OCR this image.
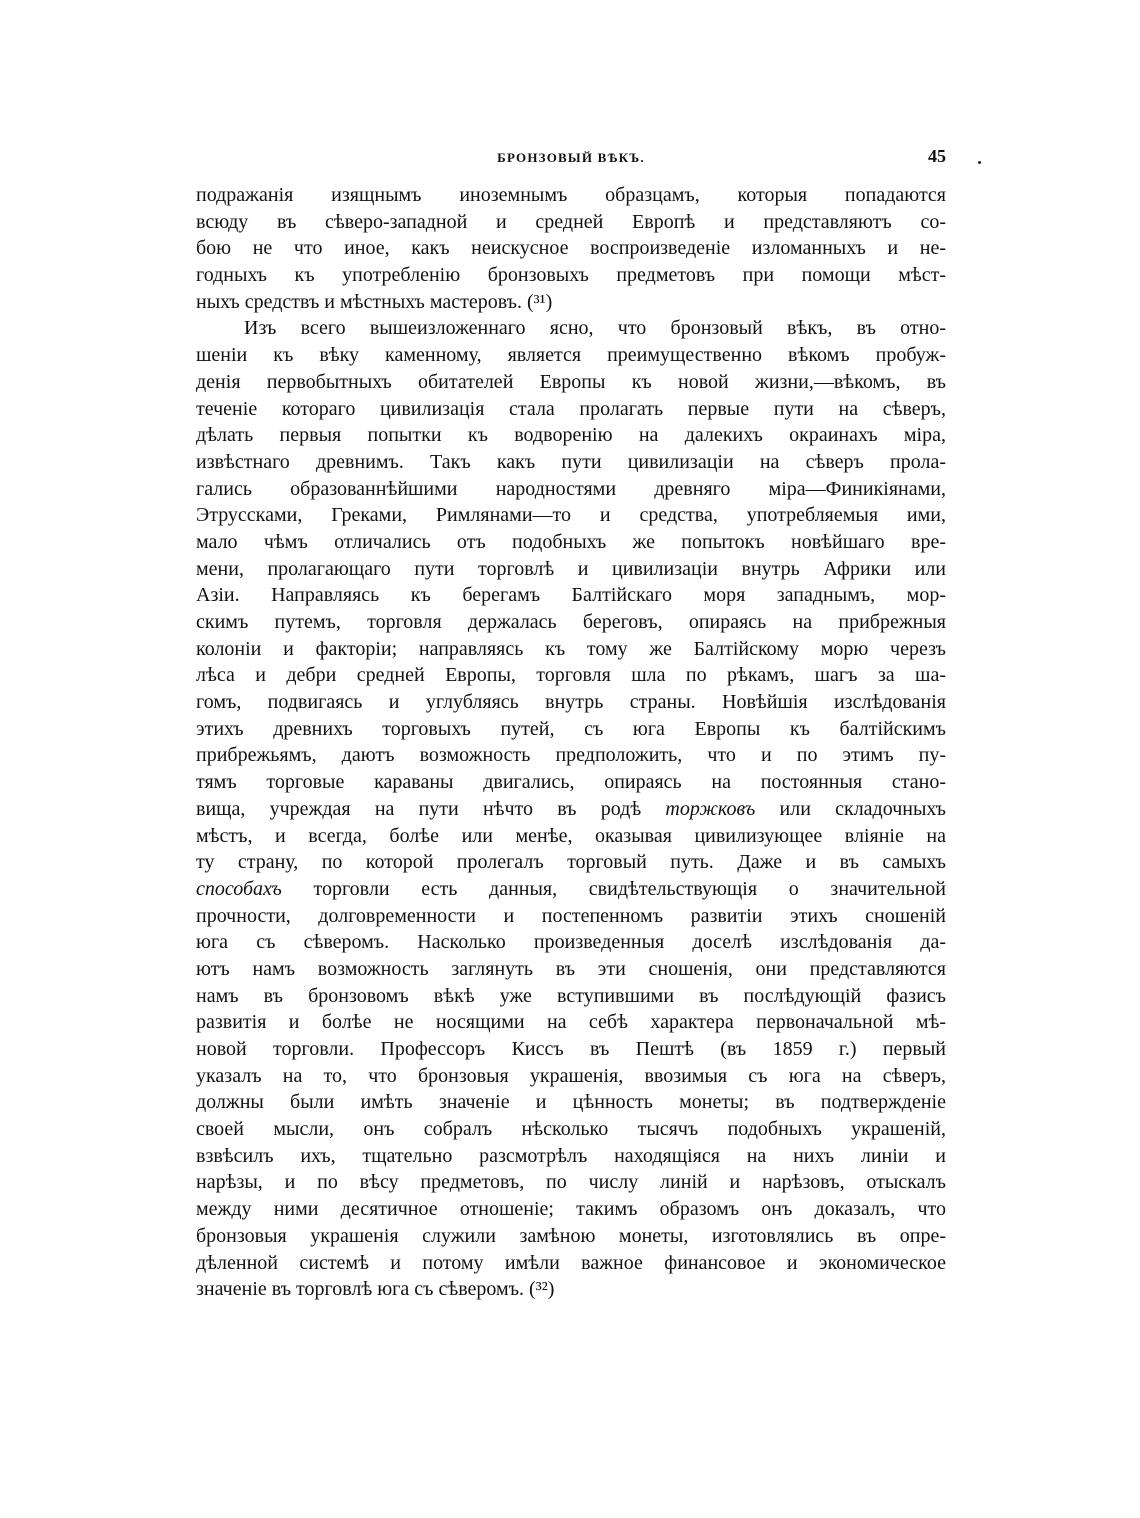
БРОНЗОВЫЙ ВѢКЪ.	45
подражанія изящнымъ иноземнымъ образцамъ, которыя попадаются
всюду въ сѣверо-западной и средней Европѣ и представляютъ со-
бою не что иное, какъ неискусное воспроизведеніе изломанныхъ и не-
годныхъ къ употребленію бронзовыхъ предметовъ при помощи мѣст-
ныхъ средствъ и мѣстныхъ мастеровъ. (³¹)
Изъ всего вышеизложеннаго ясно, что бронзовый вѣкъ, въ отно-
шеніи къ вѣку каменному, является преимущественно вѣкомъ пробуж-
денія первобытныхъ обитателей Европы къ новой жизни,—вѣкомъ, въ
теченіе котораго цивилизація стала пролагать первые пути на сѣверъ,
дѣлать первыя попытки къ водворенію на далекихъ окраинахъ міра,
извѣстнаго древнимъ. Такъ какъ пути цивилизаціи на сѣверъ прола-
гались образованнѣйшими народностями древняго міра—Финикіянами,
Этруссками, Греками, Римлянами—то и средства, употребляемыя ими,
мало чѣмъ отличались отъ подобныхъ же попытокъ новѣйшаго вре-
мени, пролагающаго пути торговлѣ и цивилизаціи внутрь Африки или
Азіи. Направляясь къ берегамъ Балтійскаго моря западнымъ, мор-
скимъ путемъ, торговля держалась береговъ, опираясь на прибрежныя
колоніи и факторіи; направляясь къ тому же Балтійскому морю черезъ
лѣса и дебри средней Европы, торговля шла по рѣкамъ, шагъ за ша-
гомъ, подвигаясь и углубляясь внутрь страны. Новѣйшія изслѣдованія
этихъ древнихъ торговыхъ путей, съ юга Европы къ балтійскимъ
прибрежьямъ, даютъ возможность предположить, что и по этимъ пу-
тямъ торговые караваны двигались, опираясь на постоянныя стано-
вища, учреждая на пути нѣчто въ родѣ торжковъ или складочныхъ
мѣстъ, и всегда, болѣе или менѣе, оказывая цивилизующее вліяніе на
ту страну, по которой пролегалъ торговый путь. Даже и въ самыхъ
способахъ торговли есть данныя, свидѣтельствующія о значительной
прочности, долговременности и постепенномъ развитіи этихъ сношеній
юга съ сѣверомъ. Насколько произведенныя доселѣ изслѣдованія да-
ютъ намъ возможность заглянуть въ эти сношенія, они представляются
намъ въ бронзовомъ вѣкѣ уже вступившими въ послѣдующій фазисъ
развитія и болѣе не носящими на себѣ характера первоначальной мѣ-
новой торговли. Профессоръ Киссъ въ Пештѣ (въ 1859 г.) первый
указалъ на то, что бронзовыя украшенія, ввозимыя съ юга на сѣверъ,
должны были имѣть значеніе и цѣнность монеты; въ подтвержденіе
своей мысли, онъ собралъ нѣсколько тысячъ подобныхъ украшеній,
взвѣсилъ ихъ, тщательно разсмотрѣлъ находящіяся на нихъ линіи и
нарѣзы, и по вѣсу предметовъ, по числу линій и нарѣзовъ, отыскалъ
между ними десятичное отношеніе; такимъ образомъ онъ доказалъ, что
бронзовыя украшенія служили замѣною монеты, изготовлялись въ опре-
дѣленной системѣ и потому имѣли важное финансовое и экономическое
значеніе въ торговлѣ юга съ сѣверомъ. (³²)
